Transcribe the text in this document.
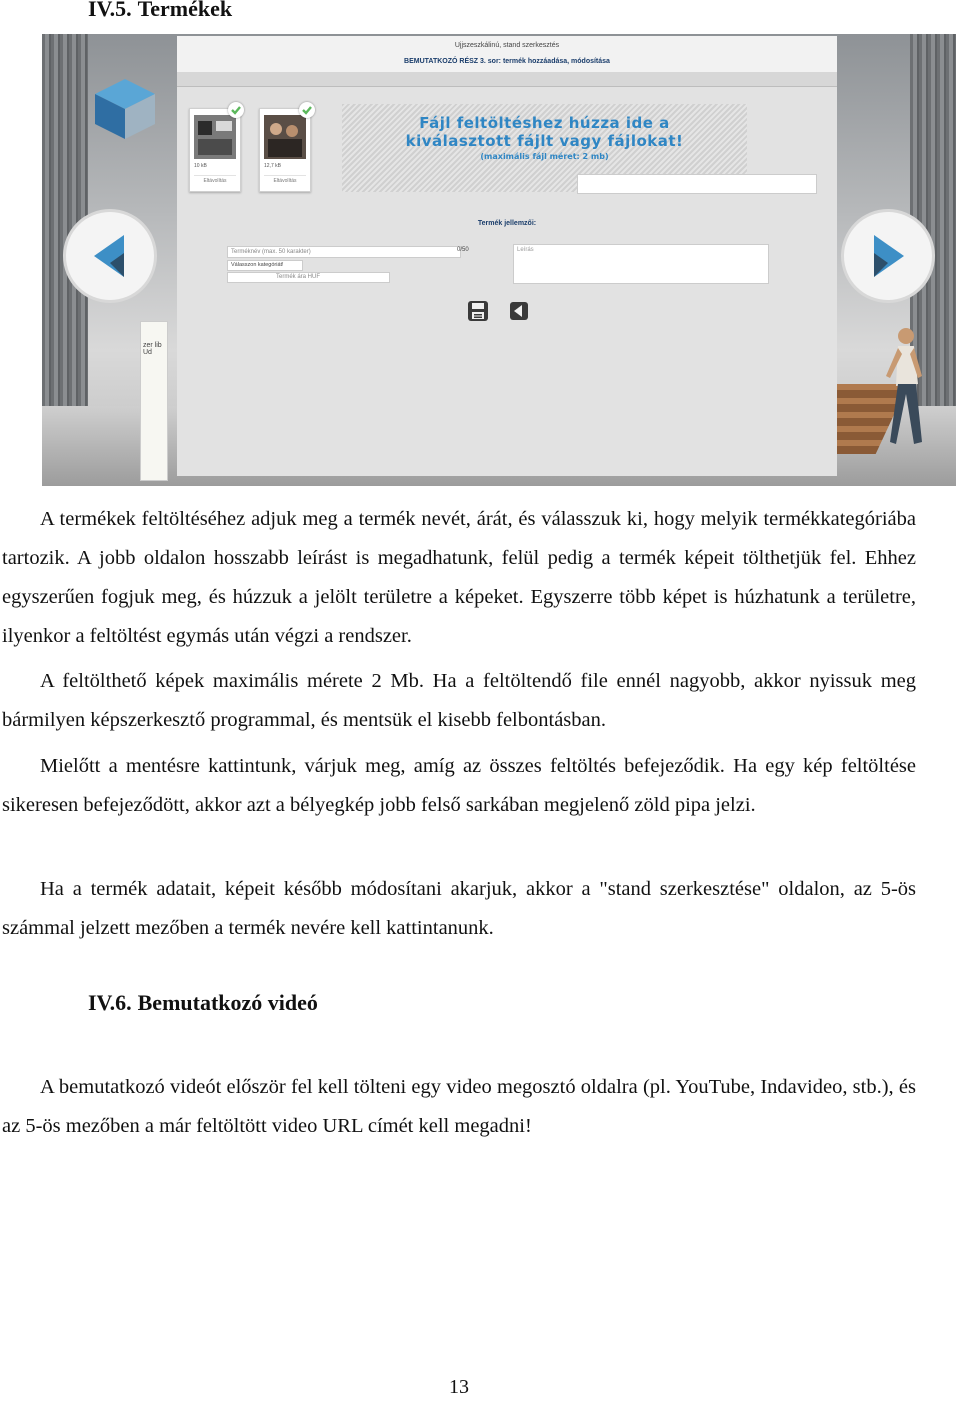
IV.5. Termékek
zer lib Ud
Ujjszeszkálinú, stand szerkesztés
BEMUTATKOZÓ RÉSZ 3. sor: termék hozzáadása, módosítása
10 kB
Eltávolítás
12,7 kB
Eltávolítás
Fájl feltöltéshez húzza ide a
kiválasztott fájlt vagy fájlokat!
(maximális fájl méret: 2 mb)
Termék jellemzői:
Terméknév (max. 50 karakter)	0/50
Válasszon kategóriát!
Termék ára HUF
Leírás

A termékek feltöltéséhez adjuk meg a termék nevét, árát, és válasszuk ki, hogy melyik termékkategóriába tartozik. A jobb oldalon hosszabb leírást is megadhatunk, felül pedig a termék képeit tölthetjük fel. Ehhez egyszerűen fogjuk meg, és húzzuk a jelölt területre a képeket. Egyszerre több képet is húzhatunk a területre, ilyenkor a feltöltést egymás után végzi a rendszer.

A feltölthető képek maximális mérete 2 Mb. Ha a feltöltendő file ennél nagyobb, akkor nyissuk meg bármilyen képszerkesztő programmal, és mentsük el kisebb felbontásban.

Mielőtt a mentésre kattintunk, várjuk meg, amíg az összes feltöltés befejeződik. Ha egy kép feltöltése sikeresen befejeződött, akkor azt a bélyegkép jobb felső sarkában megjelenő zöld pipa jelzi.

Ha a termék adatait, képeit később módosítani akarjuk, akkor a "stand szerkesztése" oldalon, az 5-ös számmal jelzett mezőben a termék nevére kell kattintanunk.

IV.6. Bemutatkozó videó

A bemutatkozó videót először fel kell tölteni egy video megosztó oldalra (pl. YouTube, Indavideo, stb.), és az 5-ös mezőben a már feltöltött video URL címét kell megadni!

13
